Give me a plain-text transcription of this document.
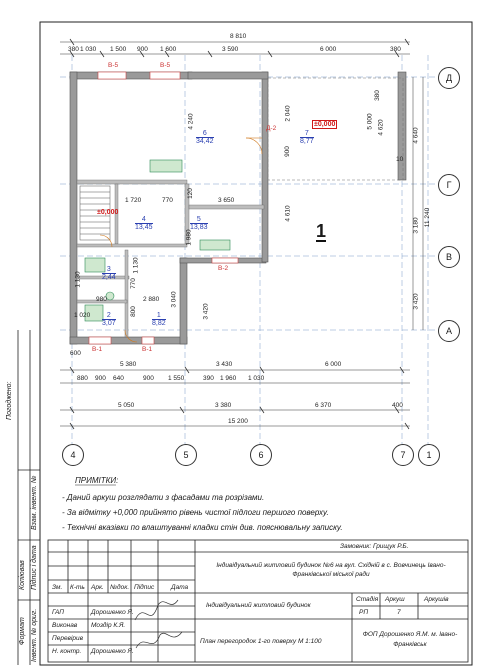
8 810
380 1 030 1 500 900 1 600	3 590	6 000	380
В-5	В-5
Д-2
В-2
В-1	В-1
6
34,42
7
8,77
4
13,45
5
13,83
3
2,44
2
3,07
1
8,82
±0,000
±0,000
4 240	2 040
900
4 620
5 000
4 610
1 720	770	3 650
1 980
120
1 130
2 880 3 040
3 420
980
1 020
770
800
1 130
10
380
4 640
3 180
3 420
11 240
Д
Г
В
А
1
600
5 380	3 430	6 000
880 900 640	900 1 550	390 1 960 1 030
5 050	3 380	6 370	400
15 200
4	5	6	7	1
ПРИМІТКИ:
- Даний аркуш розглядати з фасадами та розрізами.
- За відмітку +0,000 прийнято рівень чистої підлоги першого поверху.
- Технічні вказівки по влаштуванні кладки стін див. пояснювальну записку.
Погоджено:
Взам. інвент. №
Підпис і дата
Інвент. № ориг.
Копіював
Формат
Замовник: Грищук Р.Б.
Індивідуальний житловий будинок №6 на вул. Східній в с. Вовчинець Івано-Франківської міської ради
Зм. К-ть Арк. №док. Підпис	Дата
ГАП	Дорошенко Я.
Виконав Моздір К.Я.
Перевірив
Н. контр. Дорошенко Я.
Індивідуальний житловий будинок
Стадія Аркуш	Аркушів
РП	7
План перегородок 1-го поверху М 1:100
ФОП Дорошенко Я.М. м. Івано-Франківськ
